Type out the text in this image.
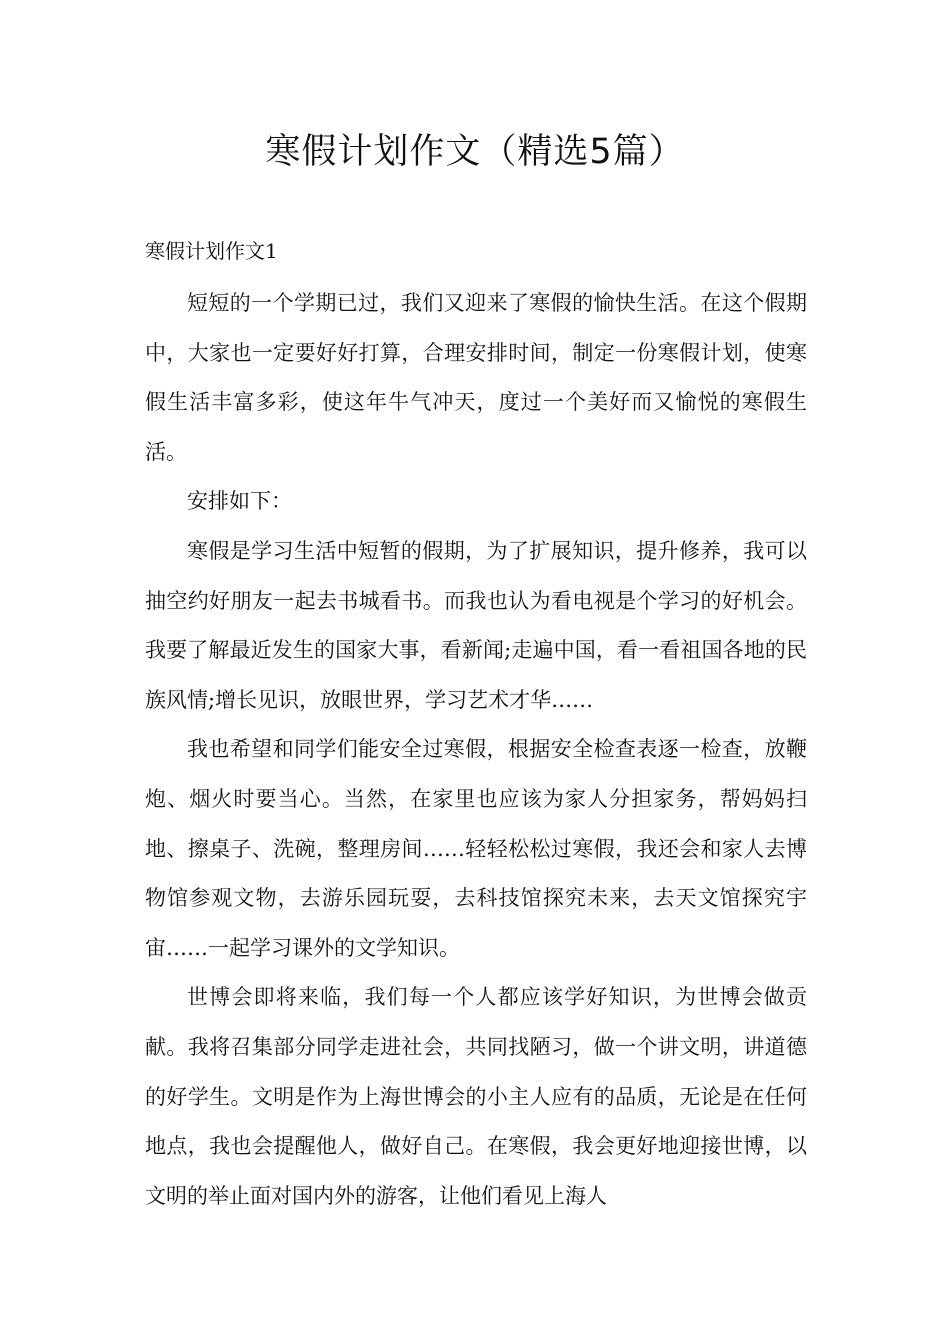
寒假计划作文（精选5篇）
寒假计划作文1

短短的一个学期已过，我们又迎来了寒假的愉快生活。在这个假期中，大家也一定要好好打算，合理安排时间，制定一份寒假计划，使寒假生活丰富多彩，使这年牛气冲天，度过一个美好而又愉悦的寒假生活。

安排如下：

寒假是学习生活中短暂的假期，为了扩展知识，提升修养，我可以抽空约好朋友一起去书城看书。而我也认为看电视是个学习的好机会。我要了解最近发生的国家大事，看新闻;走遍中国，看一看祖国各地的民族风情;增长见识，放眼世界，学习艺术才华……

我也希望和同学们能安全过寒假，根据安全检查表逐一检查，放鞭炮、烟火时要当心。当然，在家里也应该为家人分担家务，帮妈妈扫地、擦桌子、洗碗，整理房间……轻轻松松过寒假，我还会和家人去博物馆参观文物，去游乐园玩耍，去科技馆探究未来，去天文馆探究宇宙……一起学习课外的文学知识。

世博会即将来临，我们每一个人都应该学好知识，为世博会做贡献。我将召集部分同学走进社会，共同找陋习，做一个讲文明，讲道德的好学生。文明是作为上海世博会的小主人应有的品质，无论是在任何地点，我也会提醒他人，做好自己。在寒假，我会更好地迎接世博，以文明的举止面对国内外的游客，让他们看见上海人
